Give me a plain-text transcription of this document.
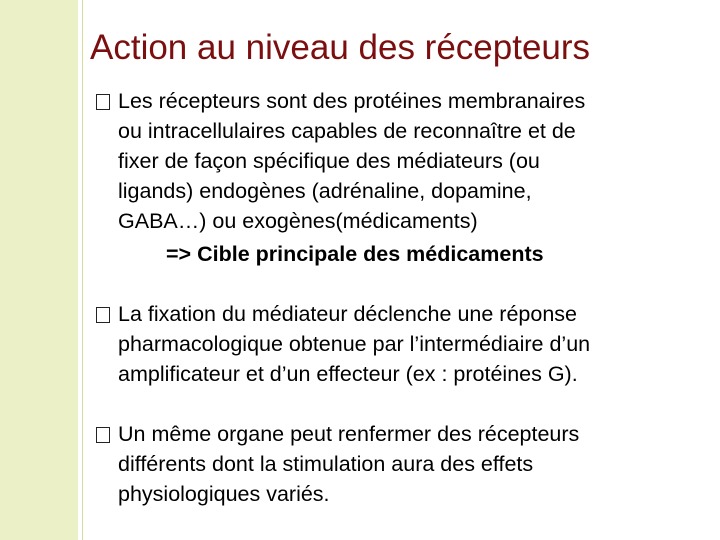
Action au niveau des récepteurs
Les récepteurs sont des protéines membranaires
ou intracellulaires capables de reconnaître et de
fixer de façon spécifique des médiateurs (ou
ligands) endogènes (adrénaline, dopamine,
GABA…) ou exogènes(médicaments)
=> Cible principale des médicaments
La fixation du médiateur déclenche une réponse
pharmacologique obtenue par l’intermédiaire d’un
amplificateur et d’un effecteur (ex : protéines G).
Un même organe peut renfermer des récepteurs
différents dont la stimulation aura des effets
physiologiques variés.
